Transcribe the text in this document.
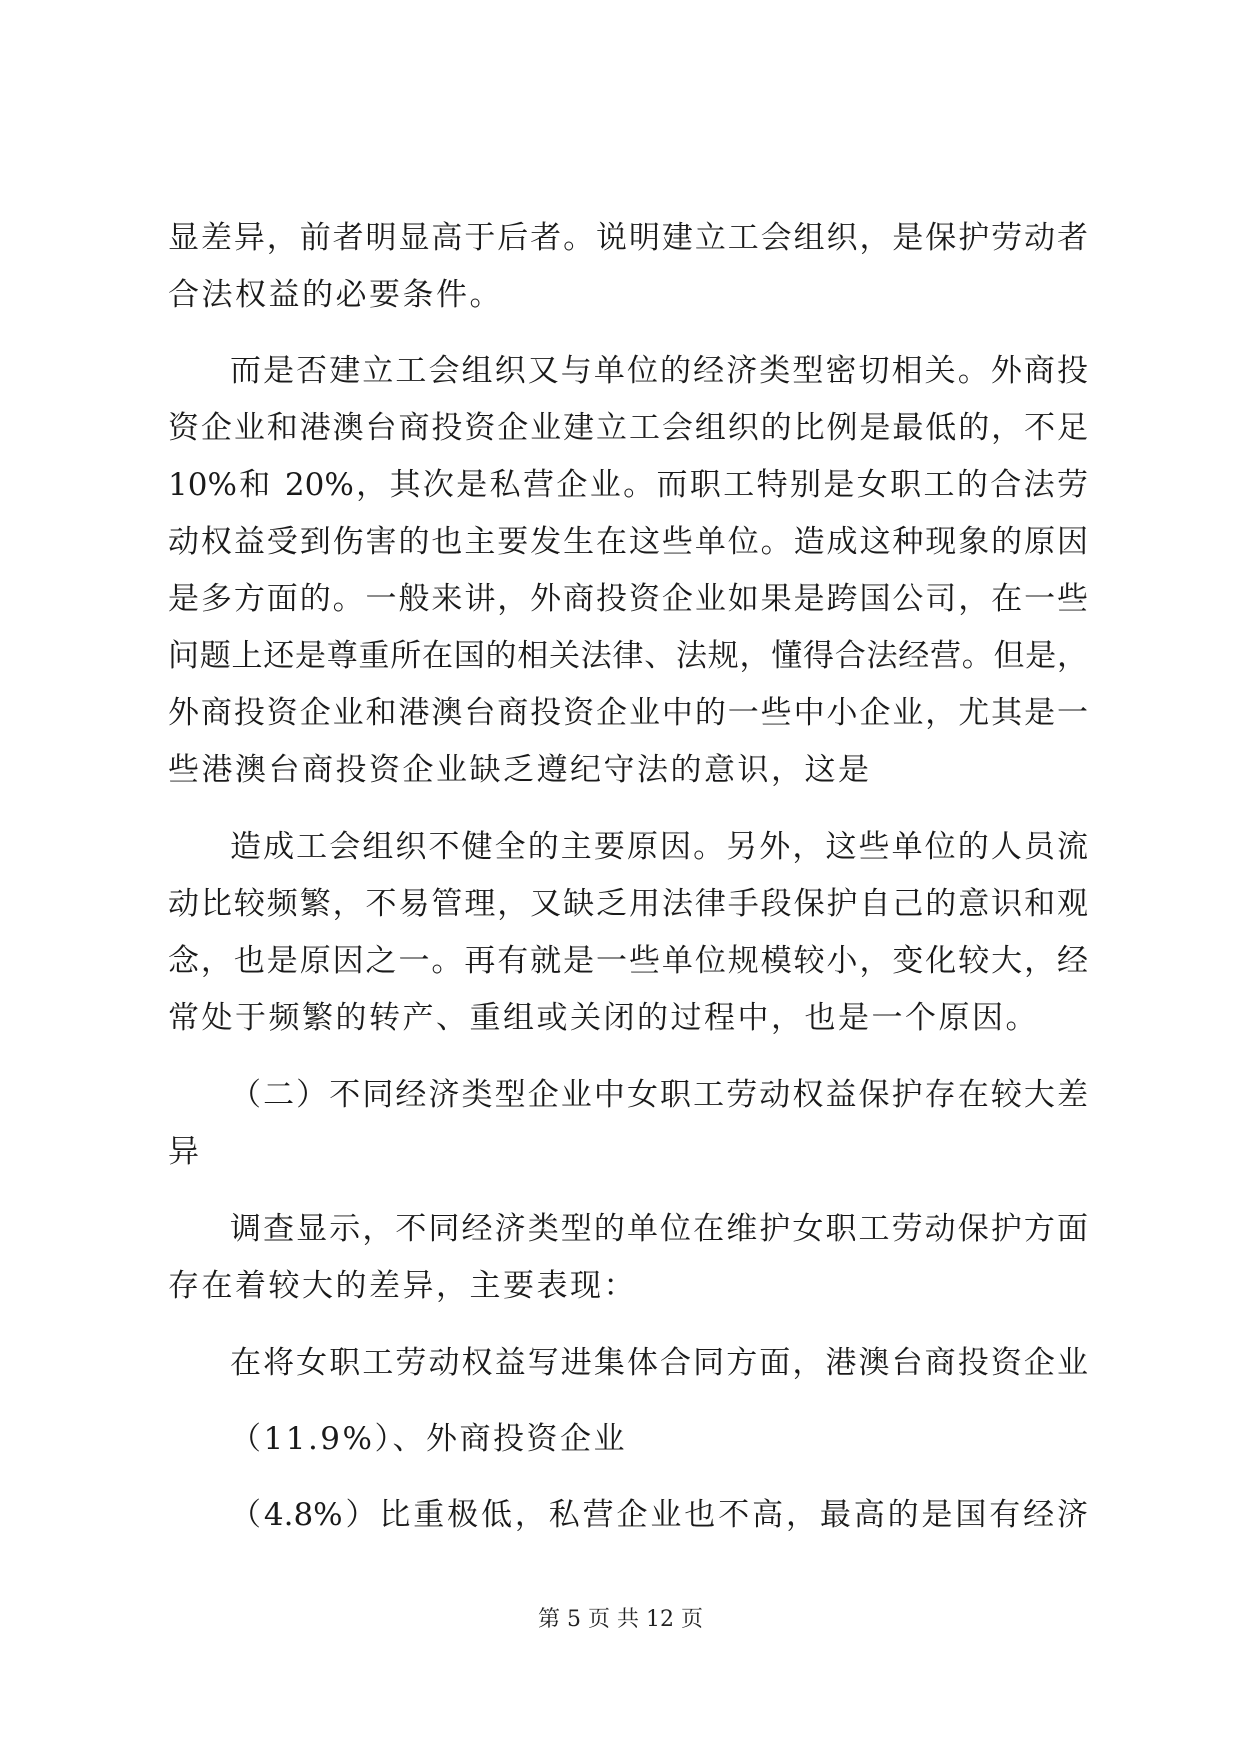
显差异，前者明显高于后者。说明建立工会组织，是保护劳动者
合法权益的必要条件。
而是否建立工会组织又与单位的经济类型密切相关。外商投
资企业和港澳台商投资企业建立工会组织的比例是最低的，不足
10%和 20%，其次是私营企业。而职工特别是女职工的合法劳
动权益受到伤害的也主要发生在这些单位。造成这种现象的原因
是多方面的。一般来讲，外商投资企业如果是跨国公司，在一些
问题上还是尊重所在国的相关法律、法规，懂得合法经营。但是，
外商投资企业和港澳台商投资企业中的一些中小企业，尤其是一
些港澳台商投资企业缺乏遵纪守法的意识，这是
造成工会组织不健全的主要原因。另外，这些单位的人员流
动比较频繁，不易管理，又缺乏用法律手段保护自己的意识和观
念，也是原因之一。再有就是一些单位规模较小，变化较大，经
常处于频繁的转产、重组或关闭的过程中，也是一个原因。
（二）不同经济类型企业中女职工劳动权益保护存在较大差
异
调查显示，不同经济类型的单位在维护女职工劳动保护方面
存在着较大的差异，主要表现：
在将女职工劳动权益写进集体合同方面，港澳台商投资企业
（11.9%）、外商投资企业
（4.8%）比重极低，私营企业也不高，最高的是国有经济
第 5 页 共 12 页
